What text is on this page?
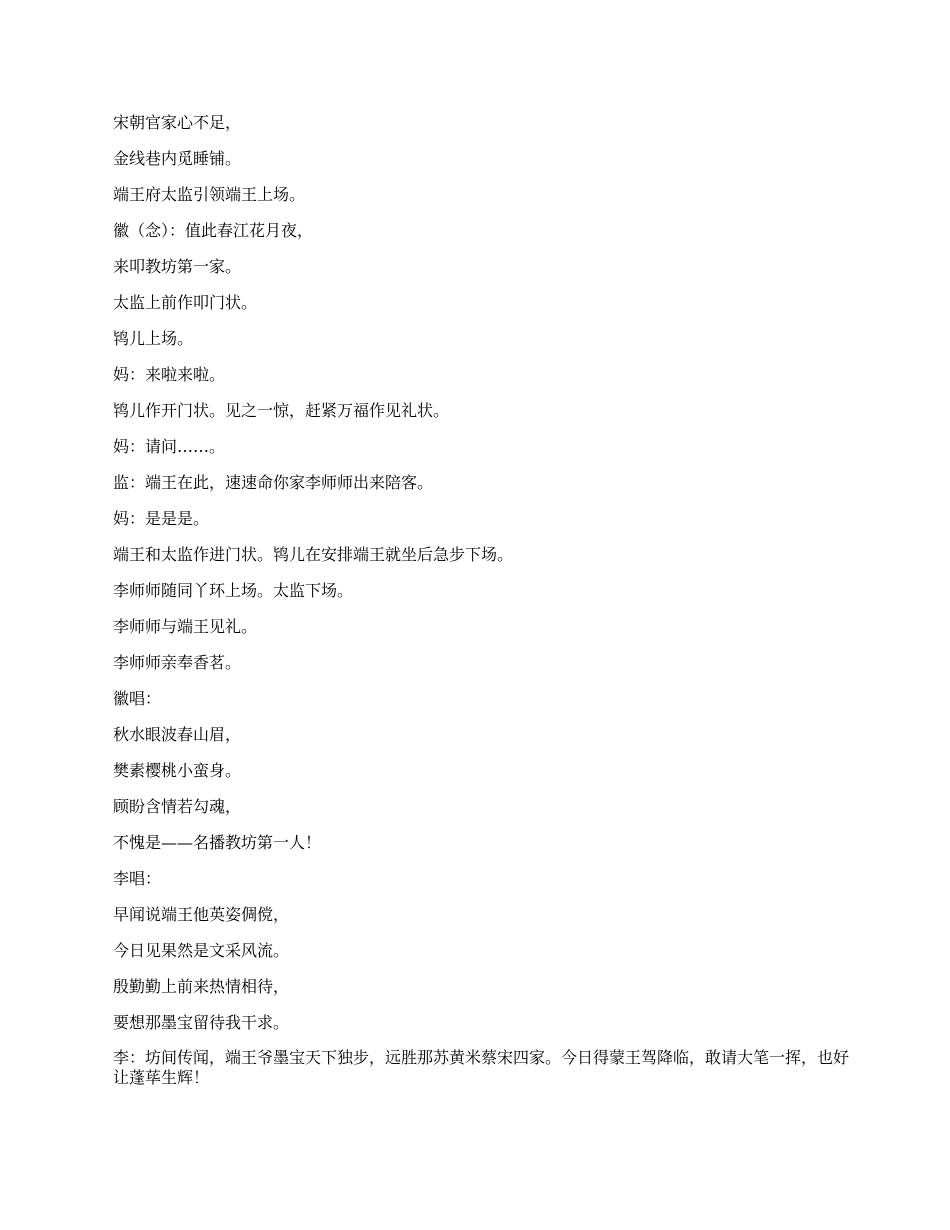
宋朝官家心不足，

金线巷内觅睡铺。

端王府太监引领端王上场。

徽（念）：值此春江花月夜，

来叩教坊第一家。

太监上前作叩门状。

鸨儿上场。

妈：来啦来啦。

鸨儿作开门状。见之一惊，赶紧万福作见礼状。

妈：请问……。

监：端王在此，速速命你家李师师出来陪客。

妈：是是是。

端王和太监作进门状。鸨儿在安排端王就坐后急步下场。

李师师随同丫环上场。太监下场。

李师师与端王见礼。

李师师亲奉香茗。

徽唱：

秋水眼波春山眉，

樊素樱桃小蛮身。

顾盼含情若勾魂，

不愧是——名播教坊第一人！

李唱：

早闻说端王他英姿倜傥，

今日见果然是文采风流。

殷勤勤上前来热情相待，

要想那墨宝留待我干求。

李：坊间传闻，端王爷墨宝天下独步，远胜那苏黄米蔡宋四家。今日得蒙王驾降临，敢请大笔一挥，也好让蓬荜生辉！
